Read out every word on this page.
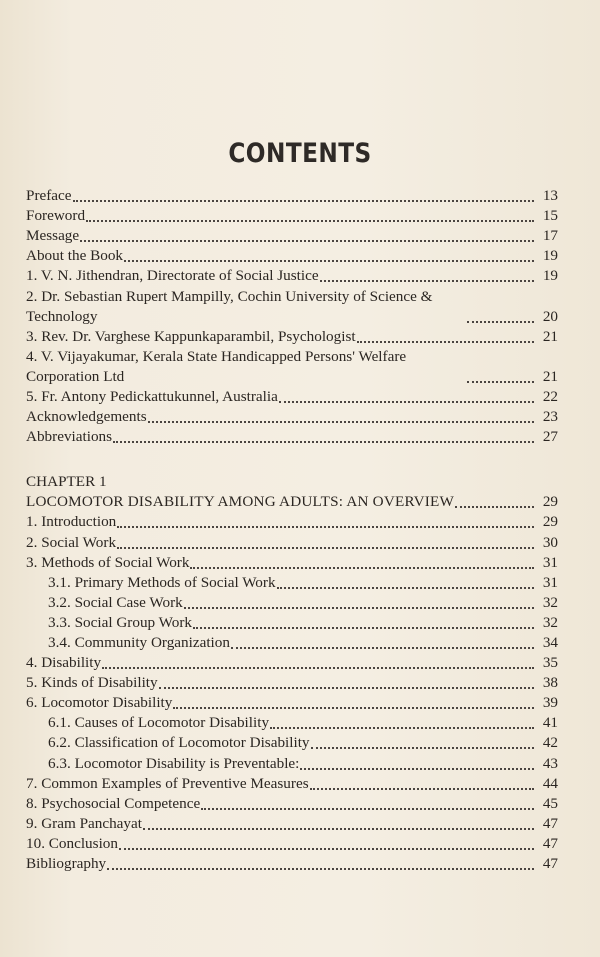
CONTENTS
Preface	13
Foreword	15
Message	17
About the Book	19
1. V. N. Jithendran, Directorate of Social Justice	19
2. Dr. Sebastian Rupert Mampilly, Cochin University of Science & Technology	20
3. Rev. Dr. Varghese Kappunkaparambil, Psychologist	21
4. V. Vijayakumar, Kerala State Handicapped Persons' Welfare Corporation Ltd	21
5. Fr. Antony Pedickattukunnel, Australia	22
Acknowledgements	23
Abbreviations	27
CHAPTER 1
LOCOMOTOR DISABILITY AMONG ADULTS: AN OVERVIEW	29
1. Introduction	29
2. Social Work	30
3. Methods of Social Work	31
3.1. Primary Methods of Social Work	31
3.2. Social Case Work	32
3.3. Social Group Work	32
3.4. Community Organization	34
4. Disability	35
5. Kinds of Disability	38
6. Locomotor Disability	39
6.1. Causes of Locomotor Disability	41
6.2. Classification of Locomotor Disability	42
6.3. Locomotor Disability is Preventable:	43
7. Common Examples of Preventive Measures	44
8. Psychosocial Competence	45
9. Gram Panchayat	47
10. Conclusion	47
Bibliography	47
